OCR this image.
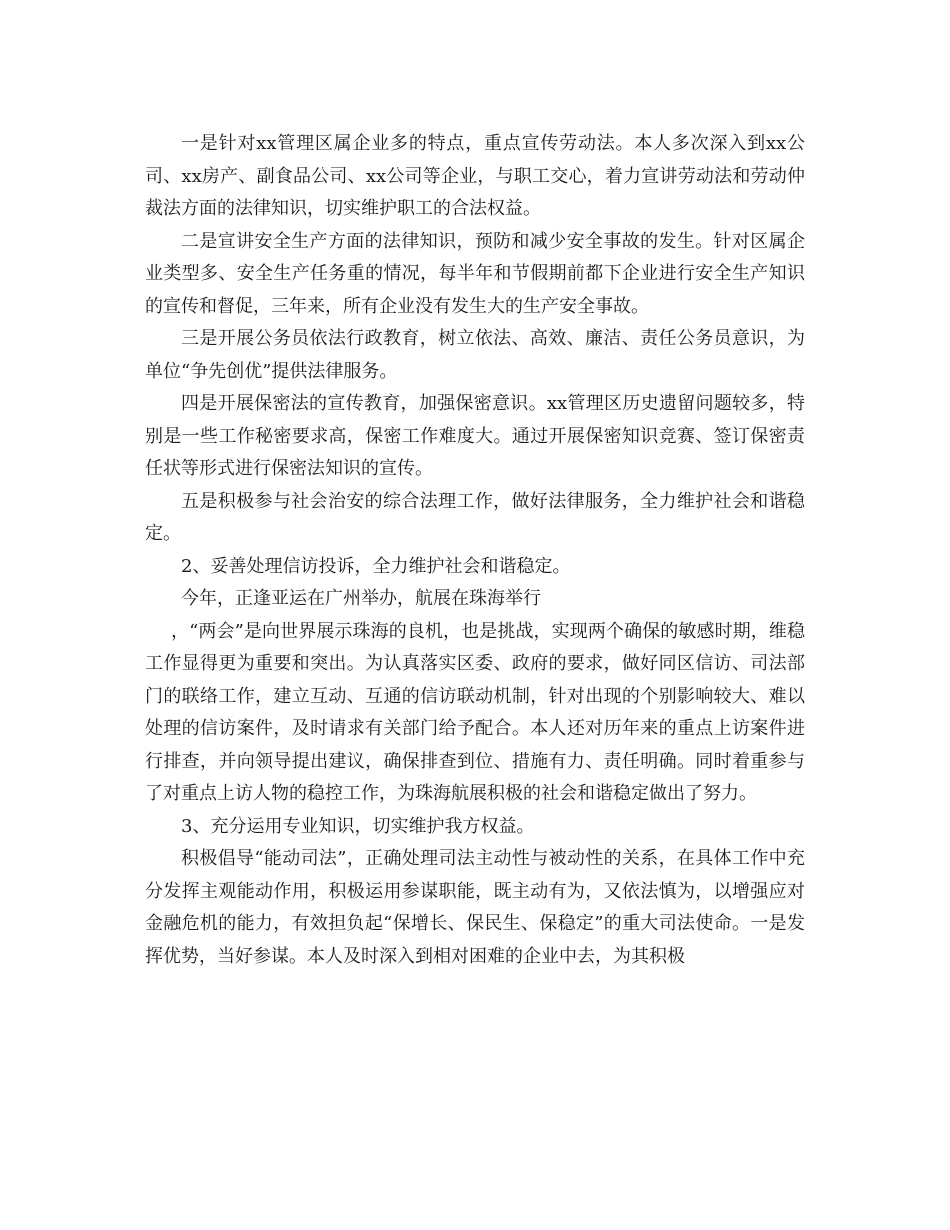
一是针对xx管理区属企业多的特点，重点宣传劳动法。本人多次深入到xx公司、xx房产、副食品公司、xx公司等企业，与职工交心，着力宣讲劳动法和劳动仲裁法方面的法律知识，切实维护职工的合法权益。

二是宣讲安全生产方面的法律知识，预防和减少安全事故的发生。针对区属企业类型多、安全生产任务重的情况，每半年和节假期前都下企业进行安全生产知识的宣传和督促，三年来，所有企业没有发生大的生产安全事故。

三是开展公务员依法行政教育，树立依法、高效、廉洁、责任公务员意识，为单位“争先创优”提供法律服务。

四是开展保密法的宣传教育，加强保密意识。xx管理区历史遗留问题较多，特别是一些工作秘密要求高，保密工作难度大。通过开展保密知识竞赛、签订保密责任状等形式进行保密法知识的宣传。

五是积极参与社会治安的综合法理工作，做好法律服务，全力维护社会和谐稳定。

2、妥善处理信访投诉，全力维护社会和谐稳定。

今年，正逢亚运在广州举办，航展在珠海举行

，“两会”是向世界展示珠海的良机，也是挑战，实现两个确保的敏感时期，维稳工作显得更为重要和突出。为认真落实区委、政府的要求，做好同区信访、司法部门的联络工作，建立互动、互通的信访联动机制，针对出现的个别影响较大、难以处理的信访案件，及时请求有关部门给予配合。本人还对历年来的重点上访案件进行排查，并向领导提出建议，确保排查到位、措施有力、责任明确。同时着重参与了对重点上访人物的稳控工作，为珠海航展积极的社会和谐稳定做出了努力。

3、充分运用专业知识，切实维护我方权益。

积极倡导“能动司法”，正确处理司法主动性与被动性的关系，在具体工作中充分发挥主观能动作用，积极运用参谋职能，既主动有为，又依法慎为，以增强应对金融危机的能力，有效担负起“保增长、保民生、保稳定”的重大司法使命。一是发挥优势，当好参谋。本人及时深入到相对困难的企业中去，为其积极
